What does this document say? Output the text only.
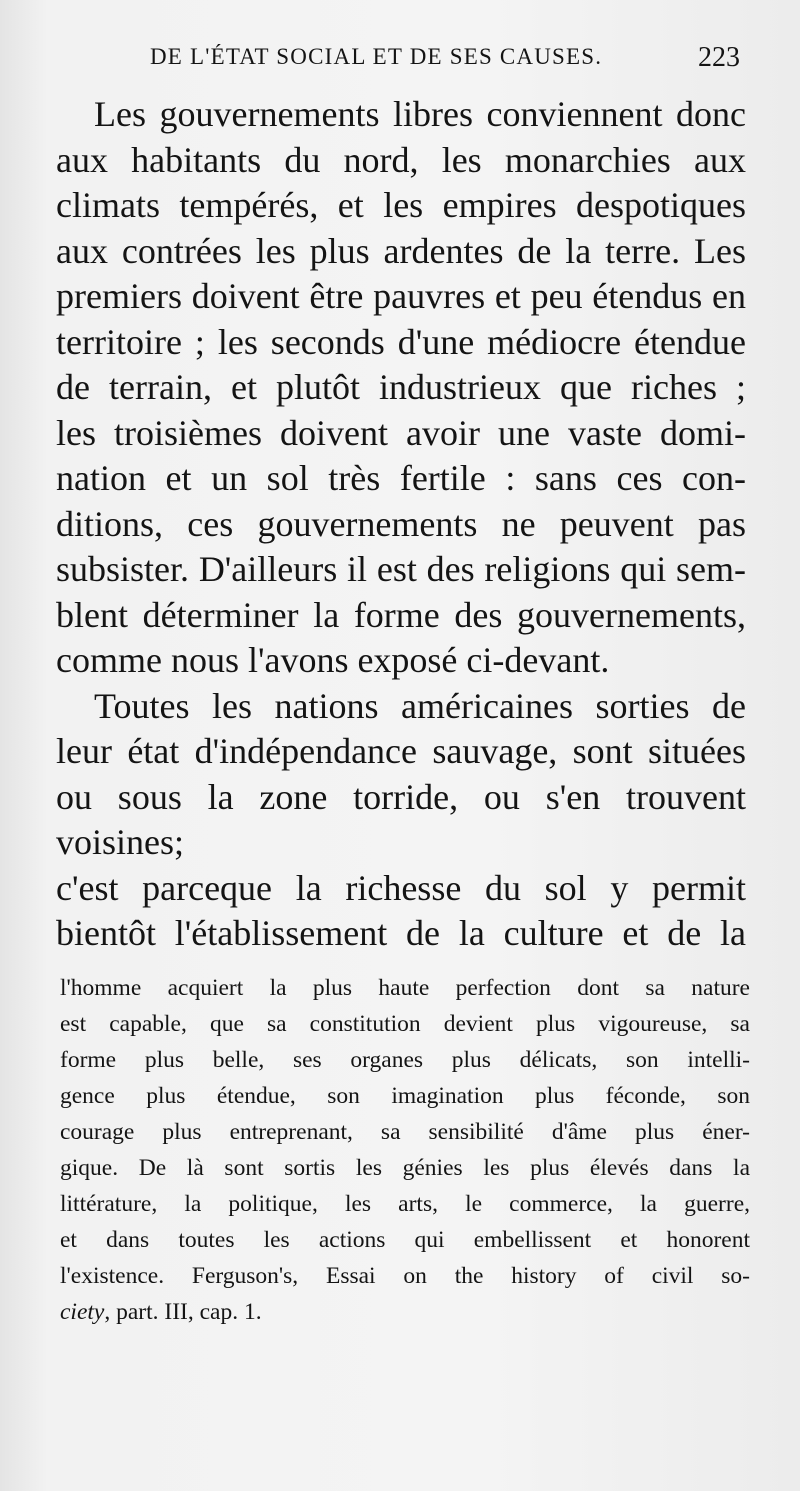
DE L'ÉTAT SOCIAL ET DE SES CAUSES.	223

Les gouvernements libres conviennent donc
aux habitants du nord, les monarchies aux
climats tempérés, et les empires despotiques
aux contrées les plus ardentes de la terre. Les
premiers doivent être pauvres et peu étendus en
territoire ; les seconds d'une médiocre étendue
de terrain, et plutôt industrieux que riches ;
les troisièmes doivent avoir une vaste domi-
nation et un sol très fertile : sans ces con-
ditions, ces gouvernements ne peuvent pas
subsister. D'ailleurs il est des religions qui sem-
blent déterminer la forme des gouvernements,

comme nous l'avons exposé ci-devant.

Toutes les nations américaines sorties de
leur état d'indépendance sauvage, sont situées
ou sous la zone torride, ou s'en trouvent voisines;
c'est parceque la richesse du sol y permit
bientôt l'établissement de la culture et de la

l'homme acquiert la plus haute perfection dont sa nature
est capable, que sa constitution devient plus vigoureuse, sa
forme plus belle, ses organes plus délicats, son intelli-
gence plus étendue, son imagination plus féconde, son
courage plus entreprenant, sa sensibilité d'âme plus éner-
gique. De là sont sortis les génies les plus élevés dans la
littérature, la politique, les arts, le commerce, la guerre,
et dans toutes les actions qui embellissent et honorent
l'existence. Ferguson's, Essai on the history of civil so-

ciety, part. III, cap. 1.
